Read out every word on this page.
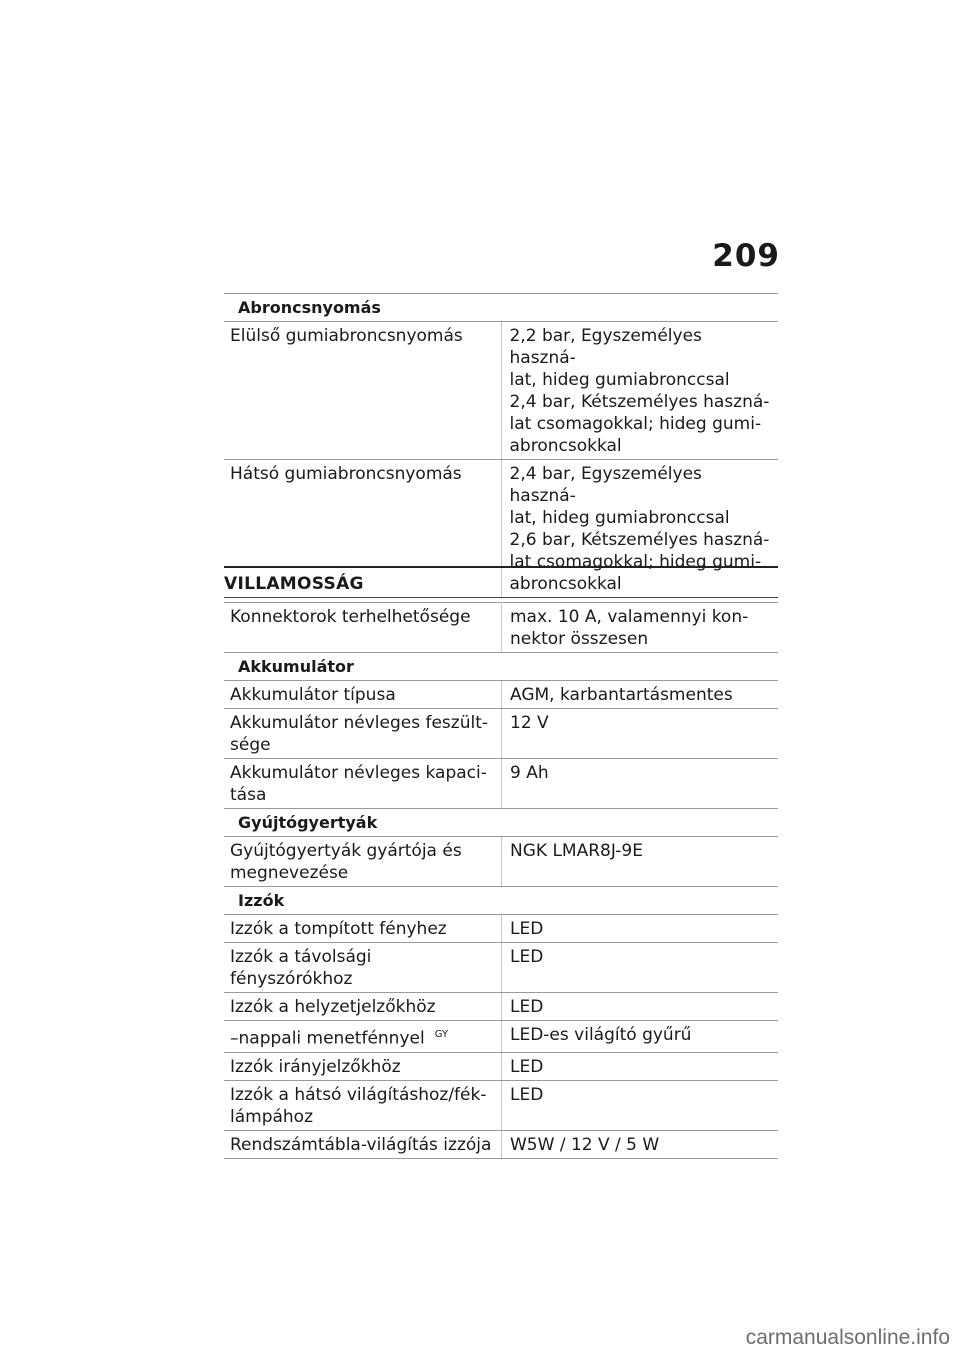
209
Abroncsnyomás	
Elülső gumiabroncsnyomás	2,2 bar, Egyszemélyes haszná-
lat, hideg gumiabronccsal
2,4 bar, Kétszemélyes haszná-
lat csomagokkal; hideg gumi-
abroncsokkal

Hátsó gumiabroncsnyomás	2,4 bar, Egyszemélyes haszná-
lat, hideg gumiabronccsal
2,6 bar, Kétszemélyes haszná-
lat csomagokkal; hideg gumi-
abroncsokkal
VILLAMOSSÁG
Konnektorok terhelhetősége	max. 10 A, valamennyi kon-
nektor összesen

Akkumulátor	

Akkumulátor típusa	AGM, karbantartásmentes

Akkumulátor névleges feszült-
sége	12 V

Akkumulátor névleges kapaci-
tása	9 Ah
Gyújtógyertyák	

Gyújtógyertyák gyártója és
megnevezése	NGK LMAR8J-9E
Izzók	
Izzók a tompított fényhez	LED
Izzók a távolsági fényszórókhoz	LED
Izzók a helyzetjelzőkhöz	LED
–nappali menetfénnyel $^{GY}$	LED-es világító gyűrű
Izzók irányjelzőkhöz	LED

Izzók a hátsó világításhoz/fék-
lámpához	LED
Rendszámtábla-világítás izzója	W5W / 12 V / 5 W
carmanualsonline.info
